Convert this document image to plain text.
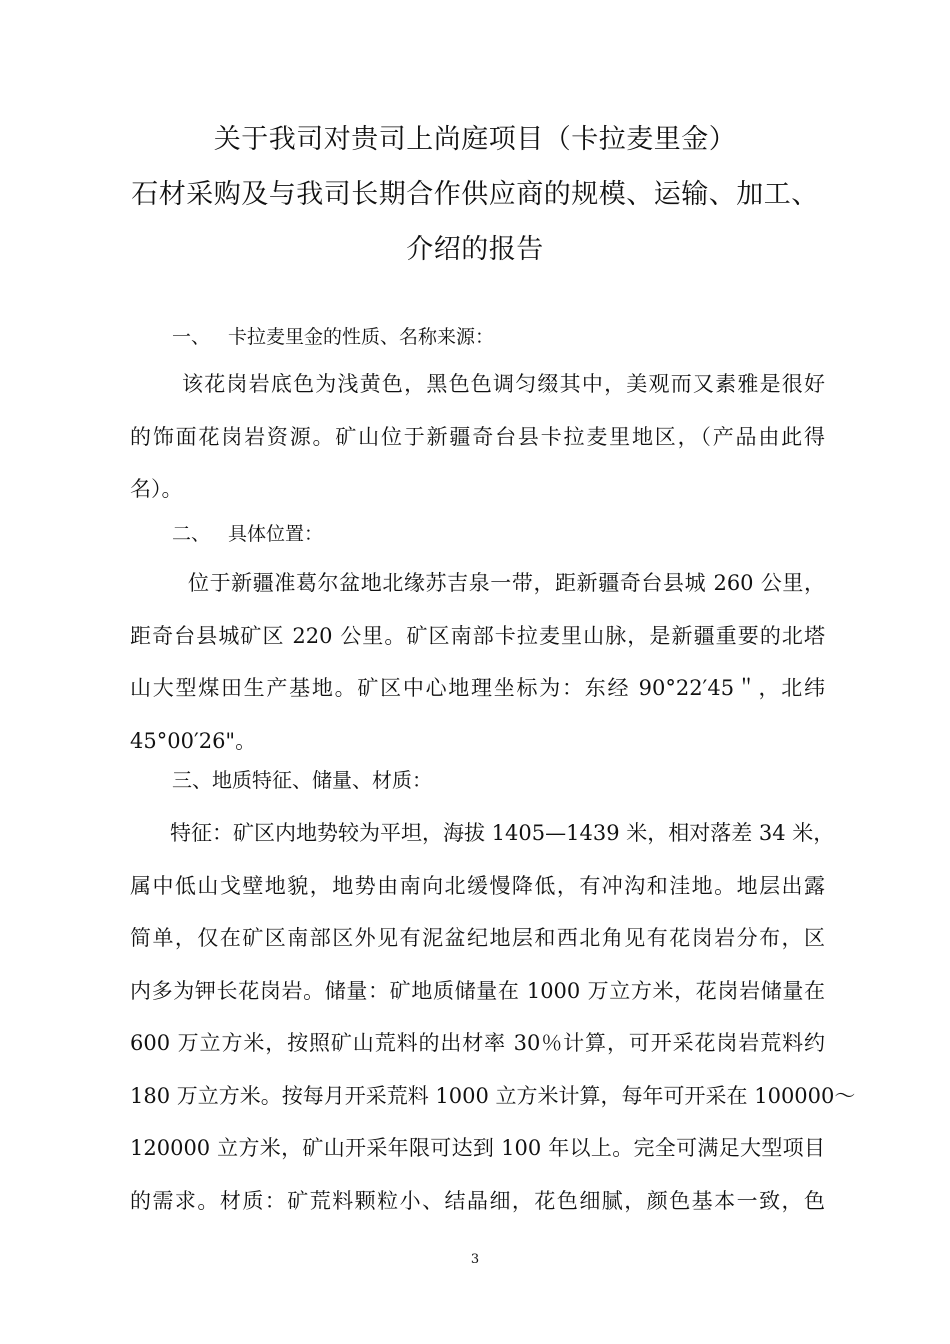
关于我司对贵司上尚庭项目（卡拉麦里金）
石材采购及与我司长期合作供应商的规模、运输、加工、
介绍的报告
一、 卡拉麦里金的性质、名称来源：
该花岗岩底色为浅黄色，黑色色调匀缀其中，美观而又素雅是很好
的饰面花岗岩资源。矿山位于新疆奇台县卡拉麦里地区，（产品由此得
名）。
二、 具体位置：
位于新疆准葛尔盆地北缘苏吉泉一带，距新疆奇台县城 260 公里，
距奇台县城矿区 220 公里。矿区南部卡拉麦里山脉，是新疆重要的北塔
山大型煤田生产基地。矿区中心地理坐标为：东经 90°22′45＂，北纬
45°00′26"。
三、地质特征、储量、材质：
特征：矿区内地势较为平坦，海拔 1405—1439 米，相对落差 34 米，
属中低山戈壁地貌，地势由南向北缓慢降低，有冲沟和洼地。地层出露
简单，仅在矿区南部区外见有泥盆纪地层和西北角见有花岗岩分布，区
内多为钾长花岗岩。储量：矿地质储量在 1000 万立方米，花岗岩储量在
600 万立方米，按照矿山荒料的出材率 30％计算，可开采花岗岩荒料约
180 万立方米。按每月开采荒料 1000 立方米计算，每年可开采在 100000～
120000 立方米，矿山开采年限可达到 100 年以上。完全可满足大型项目
的需求。材质：矿荒料颗粒小、结晶细，花色细腻，颜色基本一致，色
3
